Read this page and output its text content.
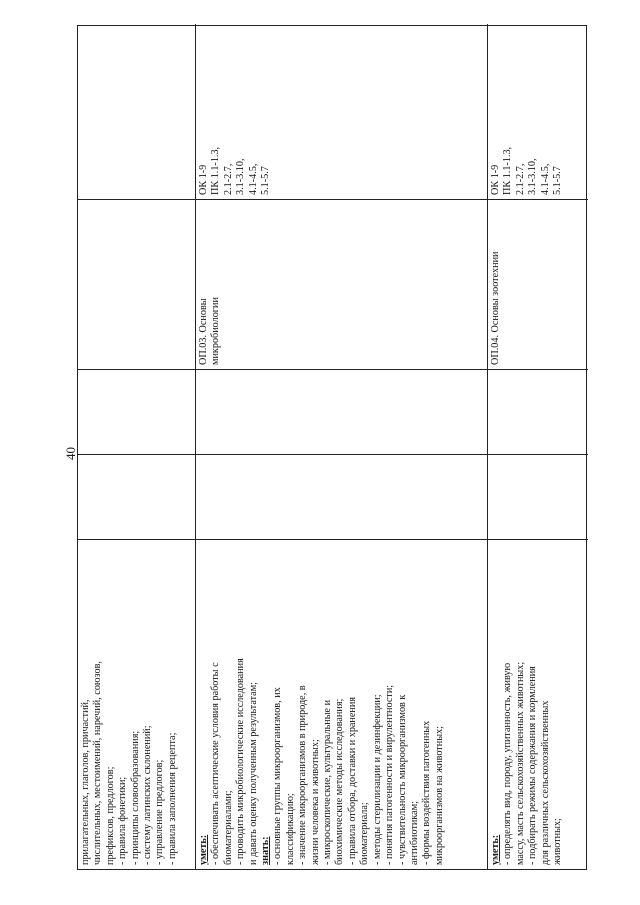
40
прилагательных, глаголов, причастий,
числительных, местоимений, наречий, союзов,
префиксов, предлогов;
- правила фонетики;
- принципы словообразования;
- систему латинских склонений;
- управление предлогов;
- правила заполнения рецепта;
уметь:
- обеспечивать асептические условия работы с
биоматериалами;
- проводить микробиологические исследования
и давать оценку полученным результатам;
знать:
- основные группы микроорганизмов, их
классификацию;
- значение микроорганизмов в природе, в
жизни человека и животных;
- микроскопические, культуральные и
биохимические методы исследования;
- правила отбора, доставки и хранения
биоматериала;
- методы стерилизации и дезинфекции;
- понятия патогенности и вирулентности;
- чувствительность микроорганизмов к
антибиотикам;
- формы воздействия патогенных
микроорганизмов на животных;
ОП.03. Основы
микробиологии
ОК 1-9
ПК 1.1-1.3,
2.1-2.7,
3.1-3.10,
4.1-4.5,
5.1-5.7
уметь:
- определять вид, породу, упитанность, живую
массу, масть сельскохозяйственных животных;
- подбирать режимы содержания и кормления
для различных сельскохозяйственных
животных;
ОП.04. Основы зоотехнии
ОК 1-9
ПК 1.1-1.3,
2.1-2.7,
3.1-3.10,
4.1-4.5,
5.1-5.7
